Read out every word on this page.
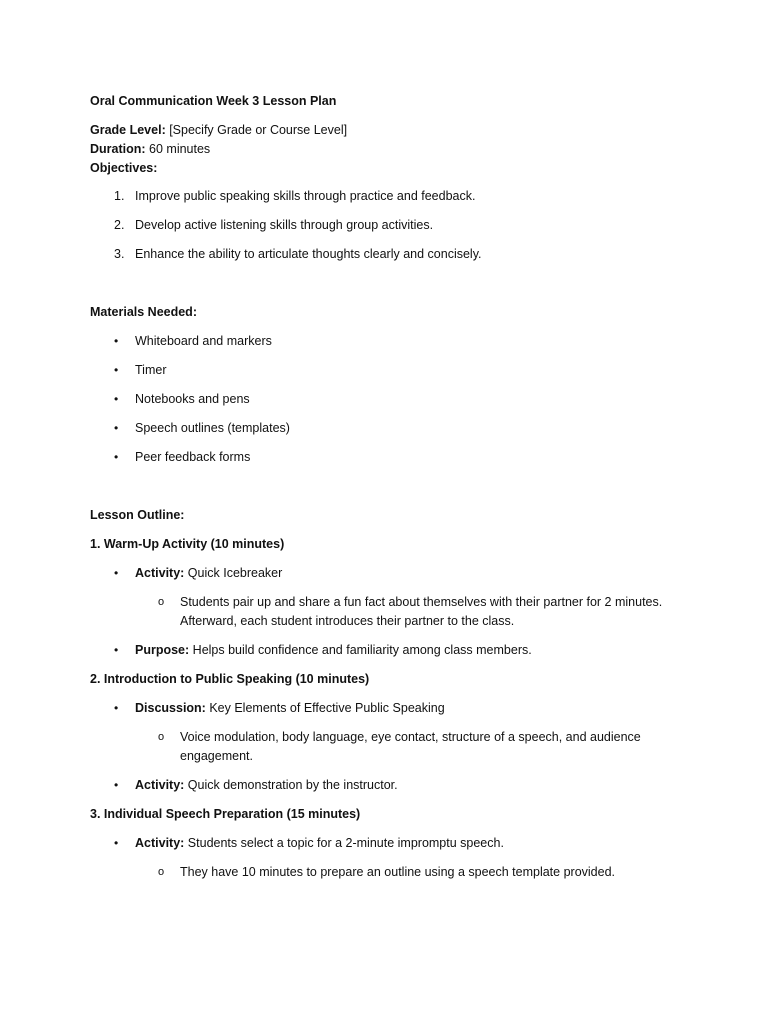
Oral Communication Week 3 Lesson Plan

Grade Level: [Specify Grade or Course Level]

Duration: 60 minutes

Objectives:

1. Improve public speaking skills through practice and feedback.
2. Develop active listening skills through group activities.
3. Enhance the ability to articulate thoughts clearly and concisely.

Materials Needed:

• Whiteboard and markers
• Timer
• Notebooks and pens
• Speech outlines (templates)
• Peer feedback forms

Lesson Outline:

1. Warm-Up Activity (10 minutes)

• Activity: Quick Icebreaker
o Students pair up and share a fun fact about themselves with their partner for 2 minutes. Afterward, each student introduces their partner to the class.
• Purpose: Helps build confidence and familiarity among class members.

2. Introduction to Public Speaking (10 minutes)

• Discussion: Key Elements of Effective Public Speaking
o Voice modulation, body language, eye contact, structure of a speech, and audience engagement.
• Activity: Quick demonstration by the instructor.

3. Individual Speech Preparation (15 minutes)

• Activity: Students select a topic for a 2-minute impromptu speech.
o They have 10 minutes to prepare an outline using a speech template provided.
